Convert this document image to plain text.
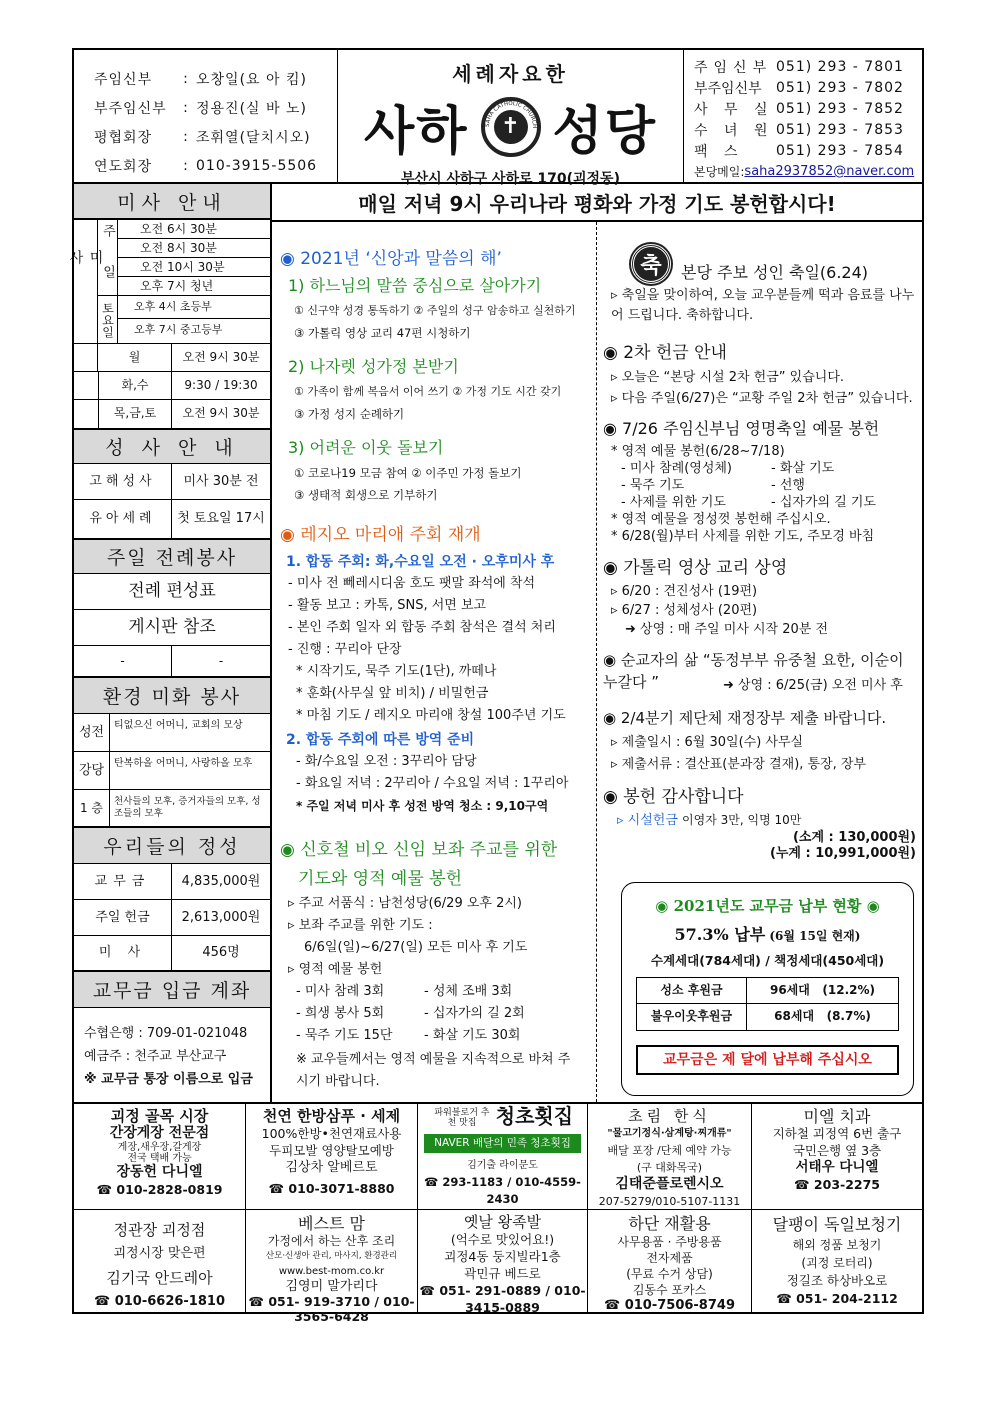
주임신부	: 오창일(요 아 킴)
부주임신부	: 정용진(실 바 노)
평협회장	: 조휘열(달치시오)
연도회장	: 010-3915-5506
세례자요한
사하	✝
SAHA CATHOLIC CHURCH 성당
부산시 사하구 사하로 170(괴정동)
주임신부 051) 293 - 7801
부주임신부	051) 293 - 7802
사 무 실 051) 293 - 7852
수 녀 원 051) 293 - 7853
팩 스	051) 293 - 7854
본당메일: saha2937852@naver.com
미사 안내
미 사	주 일	오전 6시 30분
오전 8시 30분
오전 10시 30분
오후 7시 청년
토요일	오후 4시 초등부
오후 7시 중고등부
월	오전 9시 30분
화,수	9:30 / 19:30
목,금,토	오전 9시 30분
성 사 안 내
고해성사	미사 30분 전
유아세례	첫 토요일 17시
주일 전례봉사
전례 편성표
게시판 참조
-	-
환경 미화 봉사
성전 티없으신 어머니, 교회의 모상
강당 탄복하올 어머니, 사랑하올 모후
1 층	천사들의 모후, 증거자들의 모후, 성조들의 모후
우리들의 정성
교무금	4,835,000원
주일 헌금	2,613,000원
미 사	456명
교무금 입금 계좌
수협은행 : 709-01-021048
예금주 : 천주교 부산교구
※ 교무금 통장 이름으로 입금
매일 저녁 9시 우리나라 평화와 가정 기도 봉헌합시다!
◉ 2021년 ‘신앙과 말씀의 해’
1) 하느님의 말씀 중심으로 살아가기
① 신구약 성경 통독하기 ② 주일의 성구 암송하고 실천하기
③ 가톨릭 영상 교리 47편 시청하기
2) 나자렛 성가정 본받기
① 가족이 함께 복음서 이어 쓰기 ② 가정 기도 시간 갖기
③ 가정 성지 순례하기
3) 어려운 이웃 돌보기
① 코로나19 모금 참여 ② 이주민 가정 돌보기
③ 생태적 회생으로 기부하기
◉ 레지오 마리애 주회 재개
1. 합동 주회: 화,수요일 오전 · 오후미사 후
- 미사 전 뻬레시디움 호도 팻말 좌석에 착석
- 활동 보고 : 카톡, SNS, 서면 보고
- 본인 주회 일자 외 합동 주회 참석은 결석 처리
- 진행 : 꾸리아 단장
* 시작기도, 묵주 기도(1단), 까떼나
* 훈화(사무실 앞 비치) / 비밀헌금
* 마침 기도 / 레지오 마리애 창설 100주년 기도
2. 합동 주회에 따른 방역 준비
- 화/수요일 오전 : 3꾸리아 담당
- 화요일 저녁 : 2꾸리아 / 수요일 저녁 : 1꾸리아
* 주일 저녁 미사 후 성전 방역 청소 : 9,10구역
◉ 신호철 비오 신임 보좌 주교를 위한
기도와 영적 예물 봉헌
▹ 주교 서품식 : 남천성당(6/29 오후 2시)
▹ 보좌 주교를 위한 기도 :
6/6일(일)~6/27(일) 모든 미사 후 기도
▹ 영적 예물 봉헌
- 미사 참례 3회	- 성체 조배 3회
- 희생 봉사 5회	- 십자가의 길 2회
- 묵주 기도 15단	- 화살 기도 30회
※ 교우들께서는 영적 예물을 지속적으로 바쳐 주시기 바랍니다.
축	본당 주보 성인 축일(6.24)
▹ 축일을 맞이하여, 오늘 교우분들께 떡과 음료를 나누어 드립니다. 축하합니다.
◉ 2차 헌금 안내
▹ 오늘은 “본당 시설 2차 헌금” 있습니다.
▹ 다음 주일(6/27)은 “교황 주일 2차 헌금” 있습니다.
◉ 7/26 주임신부님 영명축일 예물 봉헌
* 영적 예물 봉헌(6/28~7/18)
- 미사 참례(영성체)	- 화살 기도
- 묵주 기도	- 선행
- 사제를 위한 기도	- 십자가의 길 기도
* 영적 예물을 정성껏 봉헌해 주십시오.
* 6/28(월)부터 사제를 위한 기도, 주모경 바침
◉ 가톨릭 영상 교리 상영
▹ 6/20 : 견진성사 (19편)
▹ 6/27 : 성체성사 (20편)
➜ 상영 : 매 주일 미사 시작 20분 전
◉ 순교자의 삶 “동정부부 유중철 요한, 이순이 누갈다 ”	➜ 상영 : 6/25(금) 오전 미사 후
◉ 2/4분기 제단체 재정장부 제출 바랍니다.
▹ 제출일시 : 6월 30일(수) 사무실
▹ 제출서류 : 결산표(분과장 결재), 통장, 장부
◉ 봉헌 감사합니다
▹ 시설헌금 이영자 3만, 익명 10만
(소계 : 130,000원)
(누계 : 10,991,000원)
◉ 2021년도 교무금 납부 현황 ◉
57.3% 납부 (6월 15일 현재)
수계세대(784세대) / 책정세대(450세대)
성소 후원금	96세대 (12.2%)
불우이웃후원금	68세대 (8.7%)
교무금은 제 달에 납부해 주십시오
괴정 골목 시장
간장게장 전문점
게장,새우장,갈게장
전국 택배 가능
장동헌 다니엘
☎ 010-2828-0819
천연 한방삼푸 · 세제
100%한방•천연재료사용
두피모발 영양탈모예방
김상차 알베르토
☎ 010-3071-8880
파워블로거 추천 맛집 청초횟집
NAVER 배달의 민족 청초횟집
김기출 라이문도
☎ 293-1183 / 010-4559-2430
초림 한식
"물고기정식·삼계탕·찌개류"
배달 포장 /단체 예약 가능
(구 대화목국)
김태준플로렌시오
207-5279/010-5107-1131
미엘 치과
지하철 괴정역 6번 출구
국민은행 옆 3층
서태우 다니엘
☎ 203-2275
정관장 괴정점
괴정시장 맞은편
김기국 안드레아
☎ 010-6626-1810
베스트 맘
가정에서 하는 산후 조리
산모·신생아 관리, 마사지, 환경관리
www.best-mom.co.kr
김영미 말가리다
☎ 051- 919-3710 / 010-3565-6428
옛날 왕족발
(억수로 맛있어요!)
괴정4동 둥지빌라1층
곽민규 베드로
☎ 051- 291-0889 / 010-3415-0889
하단 재활용
사무용품 · 주방용품
전자제품
(무료 수거 상담)
김동수 포카스
☎ 010-7506-8749
달팽이 독일보청기
해외 정품 보청기
(괴정 로터리)
정길조 하상바오로
☎ 051- 204-2112
